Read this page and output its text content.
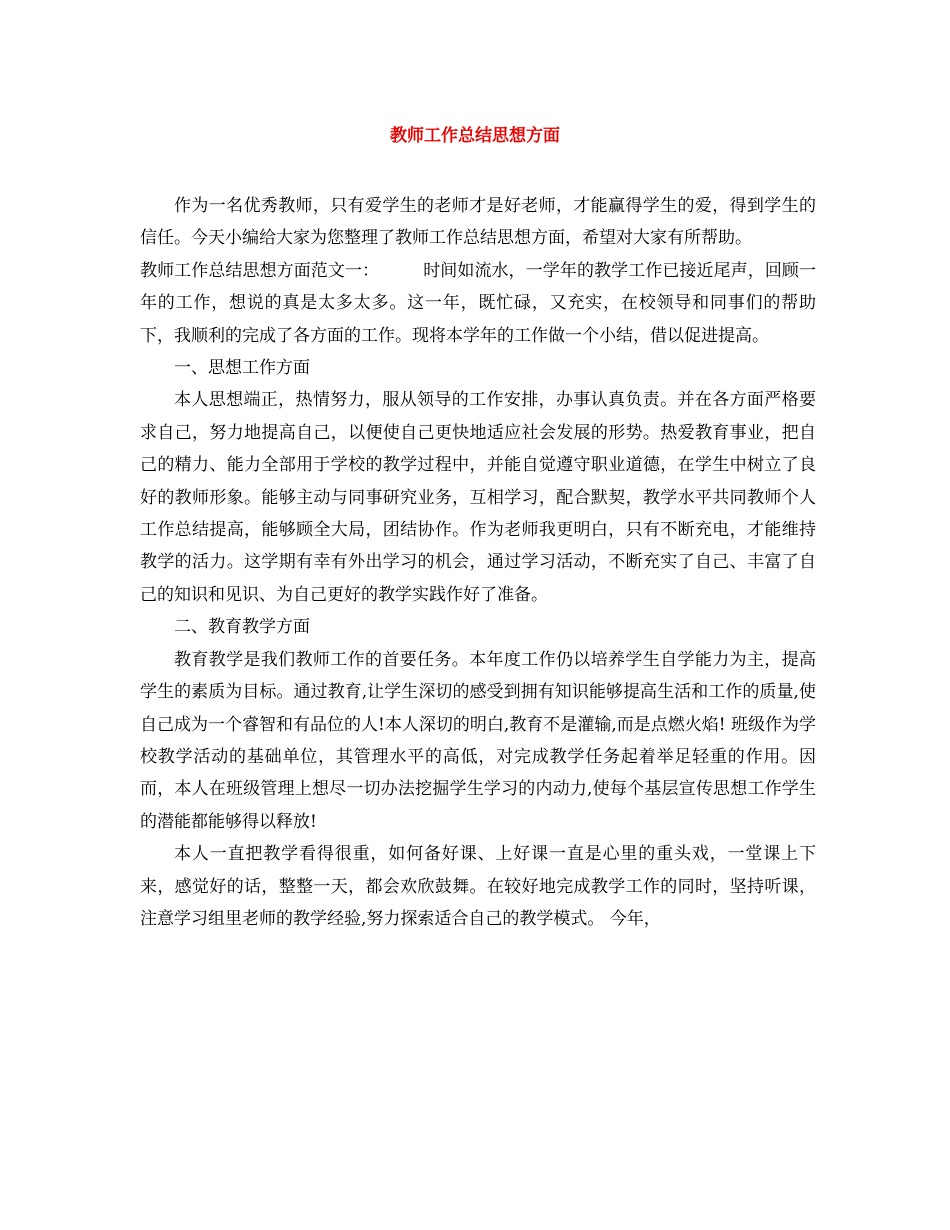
教师工作总结思想方面

作为一名优秀教师，只有爱学生的老师才是好老师，才能赢得学生的爱，得到学生的信任。今天小编给大家为您整理了教师工作总结思想方面，希望对大家有所帮助。

教师工作总结思想方面范文一：	时间如流水，一学年的教学工作已接近尾声，回顾一年的工作，想说的真是太多太多。这一年，既忙碌，又充实，在校领导和同事们的帮助下，我顺利的完成了各方面的工作。现将本学年的工作做一个小结，借以促进提高。

一、思想工作方面

本人思想端正，热情努力，服从领导的工作安排，办事认真负责。并在各方面严格要求自己，努力地提高自己，以便使自己更快地适应社会发展的形势。热爱教育事业，把自己的精力、能力全部用于学校的教学过程中，并能自觉遵守职业道德，在学生中树立了良好的教师形象。能够主动与同事研究业务，互相学习，配合默契，教学水平共同教师个人工作总结提高，能够顾全大局，团结协作。作为老师我更明白，只有不断充电，才能维持教学的活力。这学期有幸有外出学习的机会，通过学习活动，不断充实了自己、丰富了自己的知识和见识、为自己更好的教学实践作好了准备。

二、教育教学方面

教育教学是我们教师工作的首要任务。本年度工作仍以培养学生自学能力为主，提高学生的素质为目标。通过教育,让学生深切的感受到拥有知识能够提高生活和工作的质量,使自己成为一个睿智和有品位的人!本人深切的明白,教育不是灌输,而是点燃火焰! 班级作为学校教学活动的基础单位，其管理水平的高低，对完成教学任务起着举足轻重的作用。因而，本人在班级管理上想尽一切办法挖掘学生学习的内动力,使每个基层宣传思想工作学生的潜能都能够得以释放!

本人一直把教学看得很重，如何备好课、上好课一直是心里的重头戏，一堂课上下来，感觉好的话，整整一天，都会欢欣鼓舞。在较好地完成教学工作的同时，坚持听课，注意学习组里老师的教学经验,努力探索适合自己的教学模式。 今年，
